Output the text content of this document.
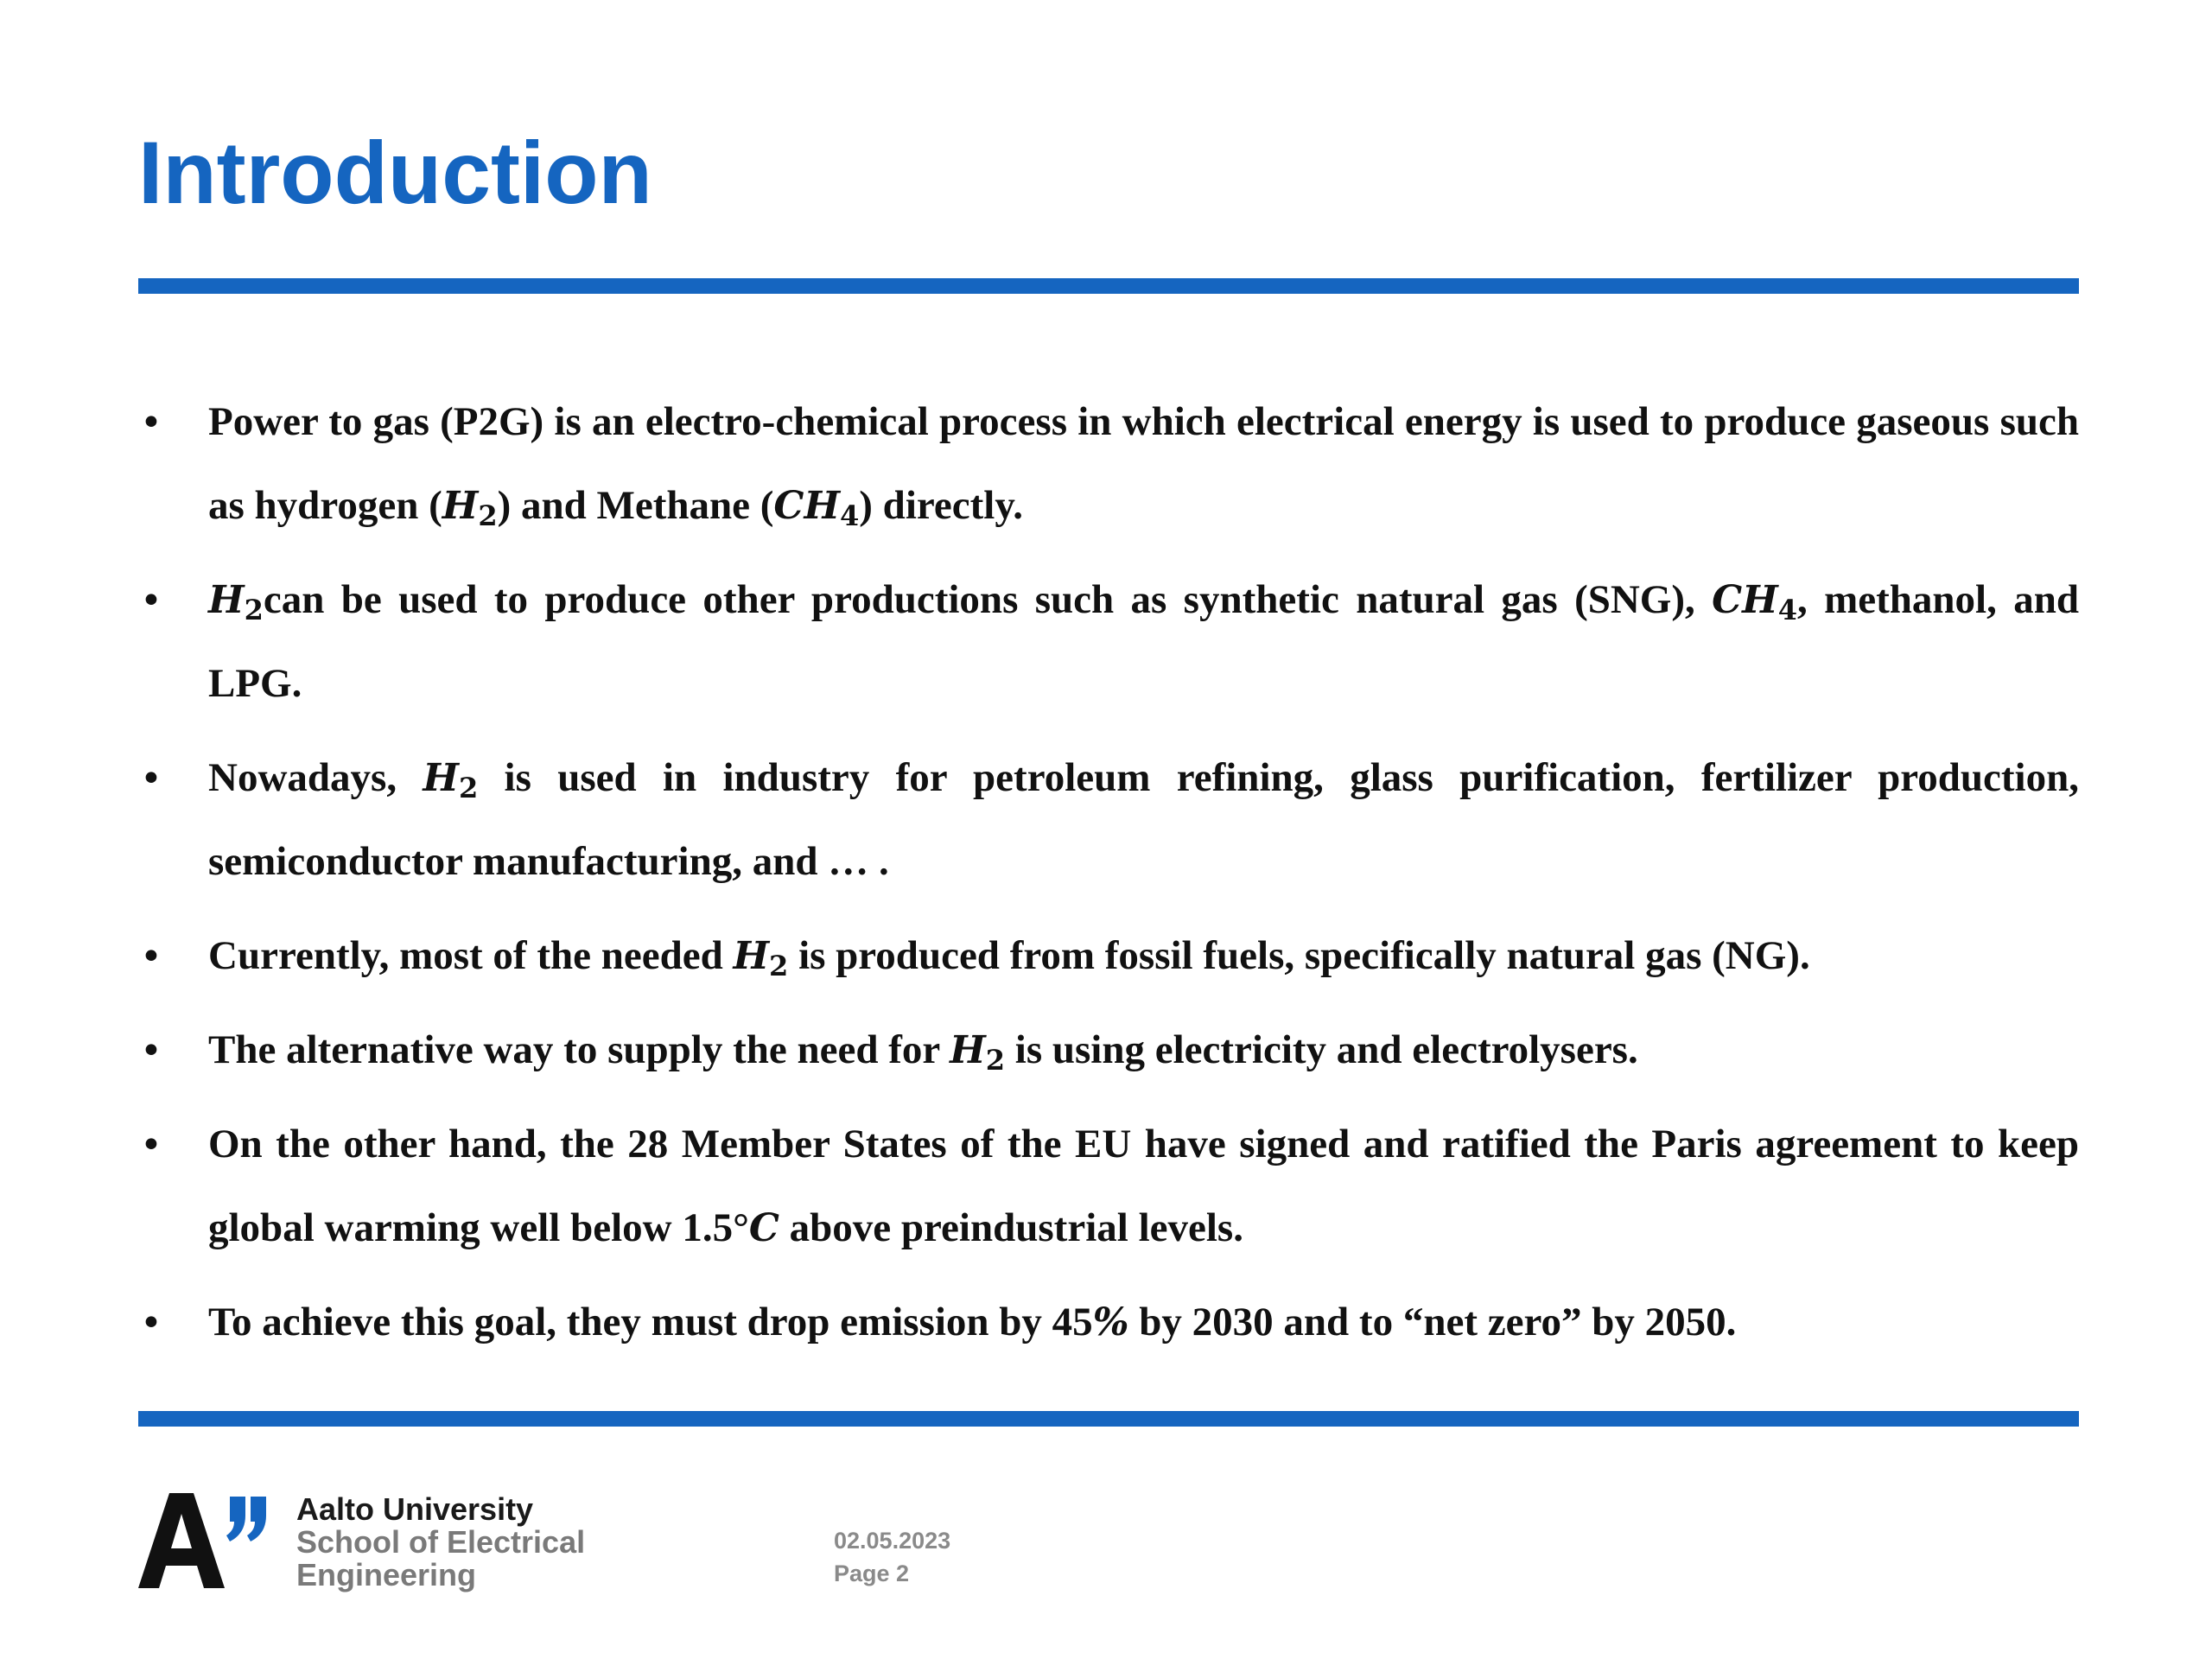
Introduction
• Power to gas (P2G) is an electro-chemical process in which electrical energy is used to produce gaseous such as hydrogen $(H_2)$ and Methane $(CH_4)$ directly.
• $H_2can$ be used to produce other productions such as synthetic natural gas (SNG), $CH_4$, methanol, and LPG.
• Nowadays, $H_2$ is used in industry for petroleum refining, glass purification, fertilizer production, semiconductor manufacturing, and … .
• Currently, most of the needed $H_2$ is produced from fossil fuels, specifically natural gas (NG).
• The alternative way to supply the need for $H_2$ is using electricity and electrolysers.
• On the other hand, the 28 Member States of the EU have signed and ratified the Paris agreement to keep global warming well below 1.5°C above preindustrial levels.
• To achieve this goal, they must drop emission by 45% by 2030 and to “net zero” by 2050.
Aalto University
School of Electrical
Engineering
02.05.2023
Page 2
